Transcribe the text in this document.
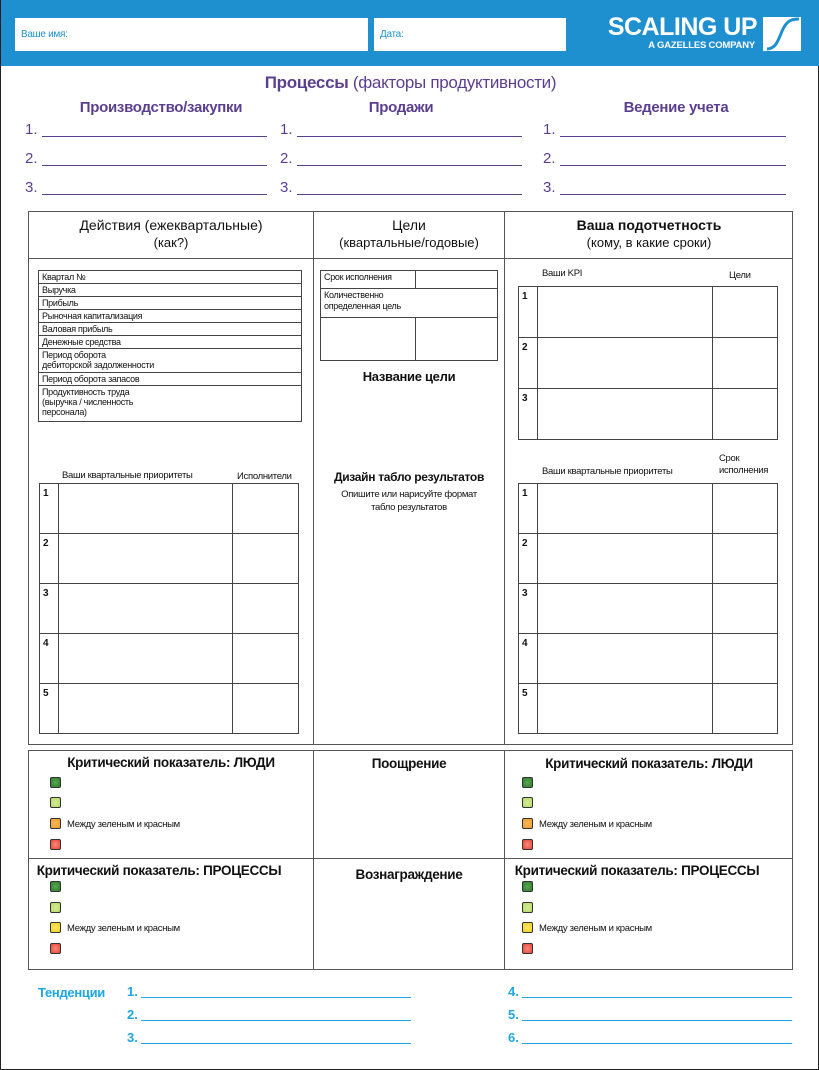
Ваше имя:	Дата:	SCALING UP
A GAZELLES COMPANY
Процессы (факторы продуктивности)
Производство/закупки	Продажи	Ведение учета
1.
2.
3.
1.
2.
3.
1.
2.
3.
Действия (ежеквартальные)
(как?)
Цели
(квартальные/годовые)
Ваша подотчетность
(кому, в какие сроки)
Квартал №
Выручка
Прибыль
Рыночная капитализация
Валовая прибыль
Денежные средства
Период оборота
дебиторской задолженности
Период оборота запасов
Продуктивность труда
(выручка / численность
персонала)
Ваши квартальные приоритеты	Исполнители
1		
2		
3		
4		
5		
Срок исполнения	
Количественно
определенная цель	

Название цели
Дизайн табло результатов
Опишите или нарисуйте формат
табло результатов
Ваши KPI	Цели
1		
2		
3		
Ваши квартальные приоритеты
Срок
исполнения
1		
2		
3		
4		
5		
Критический показатель: ЛЮДИ
Между зеленым и красным
Критический показатель: ПРОЦЕССЫ
Между зеленым и красным
Поощрение
Вознаграждение
Критический показатель: ЛЮДИ
Между зеленым и красным
Критический показатель: ПРОЦЕССЫ
Между зеленым и красным
Тенденции 1.
2.
3.
4.
5.
6.
